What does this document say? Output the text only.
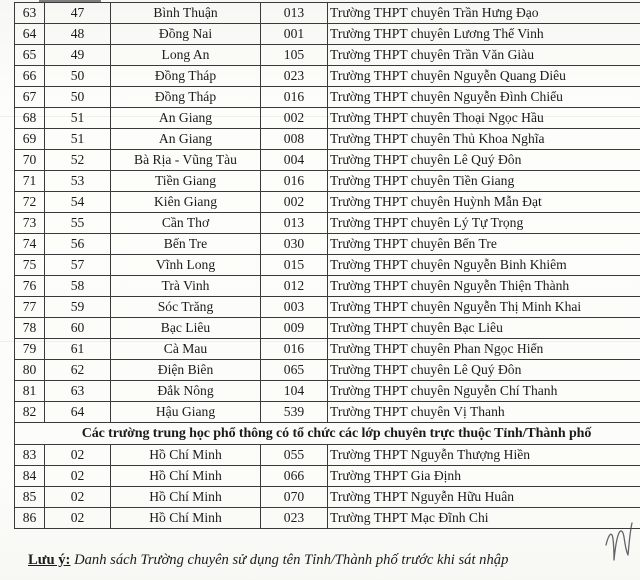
63	47	Bình Thuận	013	Trường THPT chuyên Trần Hưng Đạo
64	48	Đồng Nai	001	Trường THPT chuyên Lương Thế Vinh
65	49	Long An	105	Trường THPT chuyên Trần Văn Giàu
66	50	Đồng Tháp	023	Trường THPT chuyên Nguyễn Quang Diêu
67	50	Đồng Tháp	016	Trường THPT chuyên Nguyễn Đình Chiểu
68	51	An Giang	002	Trường THPT chuyên Thoại Ngọc Hầu
69	51	An Giang	008	Trường THPT chuyên Thủ Khoa Nghĩa
70	52	Bà Rịa - Vũng Tàu	004	Trường THPT chuyên Lê Quý Đôn
71	53	Tiền Giang	016	Trường THPT chuyên Tiền Giang
72	54	Kiên Giang	002	Trường THPT chuyên Huỳnh Mẫn Đạt
73	55	Cần Thơ	013	Trường THPT chuyên Lý Tự Trọng
74	56	Bến Tre	030	Trường THPT chuyên Bến Tre
75	57	Vĩnh Long	015	Trường THPT chuyên Nguyễn Binh Khiêm
76	58	Trà Vinh	012	Trường THPT chuyên Nguyễn Thiện Thành
77	59	Sóc Trăng	003	Trường THPT chuyên Nguyễn Thị Minh Khai
78	60	Bạc Liêu	009	Trường THPT chuyên Bạc Liêu
79	61	Cà Mau	016	Trường THPT chuyên Phan Ngọc Hiển
80	62	Điện Biên	065	Trường THPT chuyên Lê Quý Đôn
81	63	Đắk Nông	104	Trường THPT chuyên Nguyễn Chí Thanh
82	64	Hậu Giang	539	Trường THPT chuyên Vị Thanh
Các trường trung học phổ thông có tổ chức các lớp chuyên trực thuộc Tỉnh/Thành phố				
83	02	Hồ Chí Minh	055	Trường THPT Nguyễn Thượng Hiền
84	02	Hồ Chí Minh	066	Trường THPT Gia Định
85	02	Hồ Chí Minh	070	Trường THPT Nguyễn Hữu Huân
86	02	Hồ Chí Minh	023	Trường THPT Mạc Đĩnh Chi
Lưu ý: Danh sách Trường chuyên sử dụng tên Tỉnh/Thành phố trước khi sát nhập
